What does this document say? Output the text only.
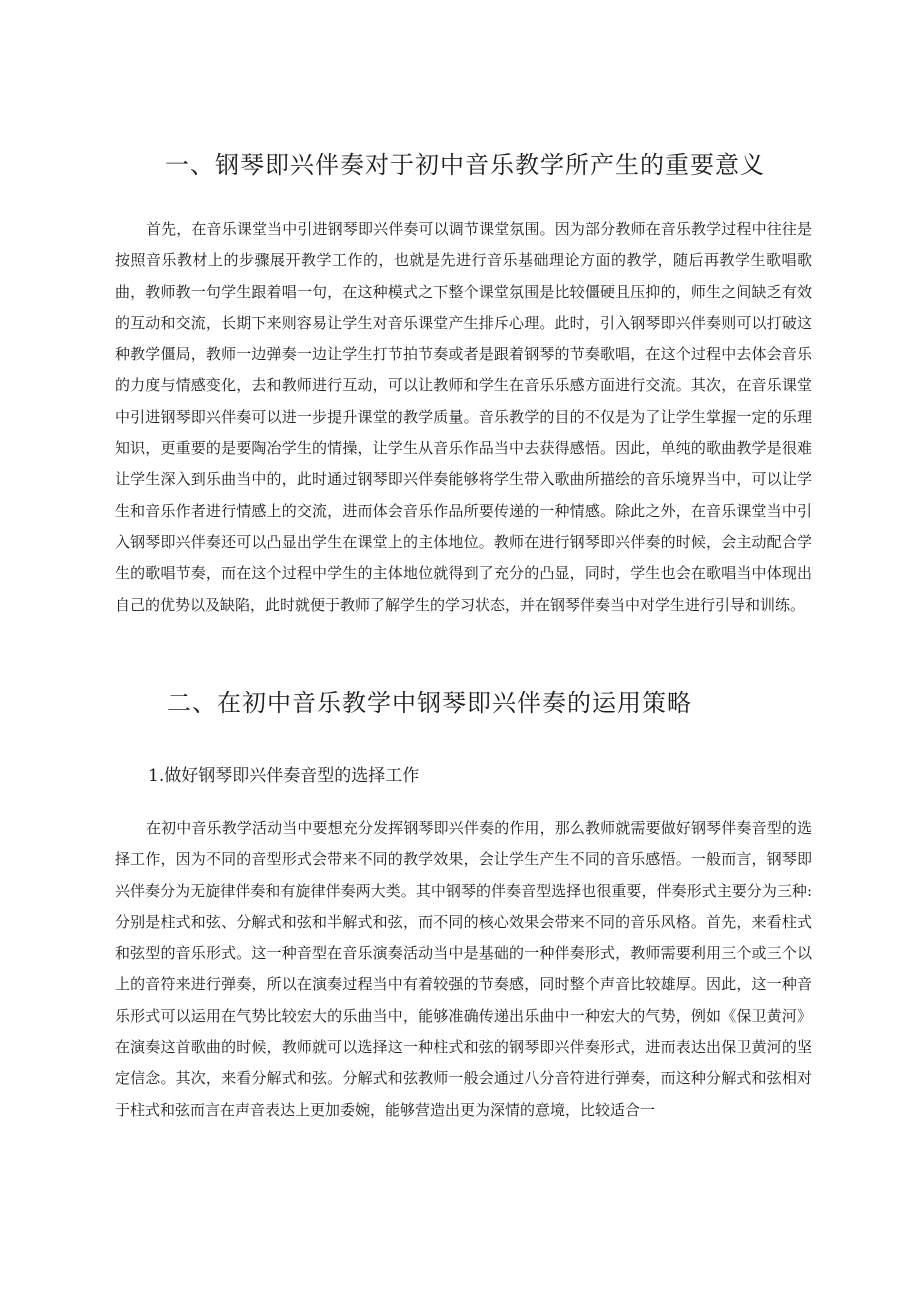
一、钢琴即兴伴奏对于初中音乐教学所产生的重要意义

首先，在音乐课堂当中引进钢琴即兴伴奏可以调节课堂氛围。因为部分教师在音乐教学过程中往往是按照音乐教材上的步骤展开教学工作的，也就是先进行音乐基础理论方面的教学，随后再教学生歌唱歌曲，教师教一句学生跟着唱一句，在这种模式之下整个课堂氛围是比较僵硬且压抑的，师生之间缺乏有效的互动和交流，长期下来则容易让学生对音乐课堂产生排斥心理。此时，引入钢琴即兴伴奏则可以打破这种教学僵局，教师一边弹奏一边让学生打节拍节奏或者是跟着钢琴的节奏歌唱，在这个过程中去体会音乐的力度与情感变化，去和教师进行互动，可以让教师和学生在音乐乐感方面进行交流。其次，在音乐课堂中引进钢琴即兴伴奏可以进一步提升课堂的教学质量。音乐教学的目的不仅是为了让学生掌握一定的乐理知识，更重要的是要陶冶学生的情操，让学生从音乐作品当中去获得感悟。因此，单纯的歌曲教学是很难让学生深入到乐曲当中的，此时通过钢琴即兴伴奏能够将学生带入歌曲所描绘的音乐境界当中，可以让学生和音乐作者进行情感上的交流，进而体会音乐作品所要传递的一种情感。除此之外，在音乐课堂当中引入钢琴即兴伴奏还可以凸显出学生在课堂上的主体地位。教师在进行钢琴即兴伴奏的时候，会主动配合学生的歌唱节奏，而在这个过程中学生的主体地位就得到了充分的凸显，同时，学生也会在歌唱当中体现出自己的优势以及缺陷，此时就便于教师了解学生的学习状态，并在钢琴伴奏当中对学生进行引导和训练。

二、在初中音乐教学中钢琴即兴伴奏的运用策略
1.做好钢琴即兴伴奏音型的选择工作

在初中音乐教学活动当中要想充分发挥钢琴即兴伴奏的作用，那么教师就需要做好钢琴伴奏音型的选择工作，因为不同的音型形式会带来不同的教学效果，会让学生产生不同的音乐感悟。一般而言，钢琴即兴伴奏分为无旋律伴奏和有旋律伴奏两大类。其中钢琴的伴奏音型选择也很重要，伴奏形式主要分为三种:分别是柱式和弦、分解式和弦和半解式和弦，而不同的核心效果会带来不同的音乐风格。首先，来看柱式和弦型的音乐形式。这一种音型在音乐演奏活动当中是基础的一种伴奏形式，教师需要利用三个或三个以上的音符来进行弹奏，所以在演奏过程当中有着较强的节奏感，同时整个声音比较雄厚。因此，这一种音乐形式可以运用在气势比较宏大的乐曲当中，能够准确传递出乐曲中一种宏大的气势，例如《保卫黄河》在演奏这首歌曲的时候，教师就可以选择这一种柱式和弦的钢琴即兴伴奏形式，进而表达出保卫黄河的坚定信念。其次，来看分解式和弦。分解式和弦教师一般会通过八分音符进行弹奏，而这种分解式和弦相对于柱式和弦而言在声音表达上更加委婉，能够营造出更为深情的意境，比较适合一
